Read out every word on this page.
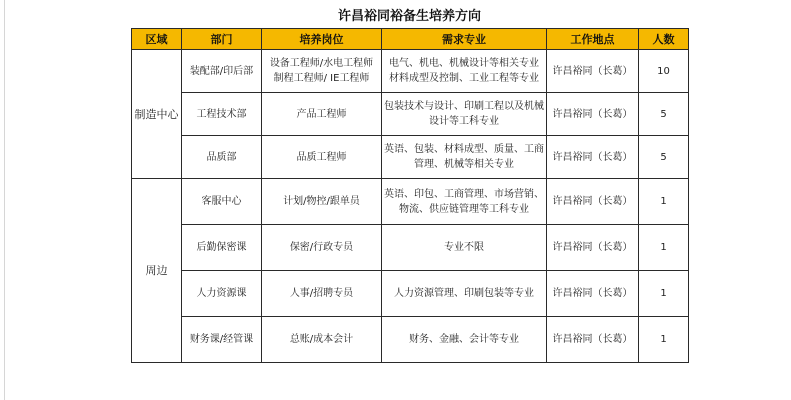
许昌裕同裕备生培养方向
区域	部门	培养岗位	需求专业	工作地点	人数
制造中心	装配部/印后部	设备工程师/水电工程师
制程工程师/ IE工程师	电气、机电、机械设计等相关专业
材料成型及控制、工业工程等专业	许昌裕同（长葛）	10
	工程技术部	产品工程师	包装技术与设计、印刷工程以及机械
设计等工科专业	许昌裕同（长葛）	5
	品质部	品质工程师	英语、包装、材料成型、质量、工商
管理、机械等相关专业	许昌裕同（长葛）	5
周边	客服中心	计划/物控/跟单员	英语、印包、工商管理、市场营销、
物流、供应链管理等工科专业	许昌裕同（长葛）	1
	后勤保密课	保密/行政专员	专业不限	许昌裕同（长葛）	1
	人力资源课	人事/招聘专员	人力资源管理、印刷包装等专业	许昌裕同（长葛）	1
	财务课/经管课	总账/成本会计	财务、金融、会计等专业	许昌裕同（长葛）	1
